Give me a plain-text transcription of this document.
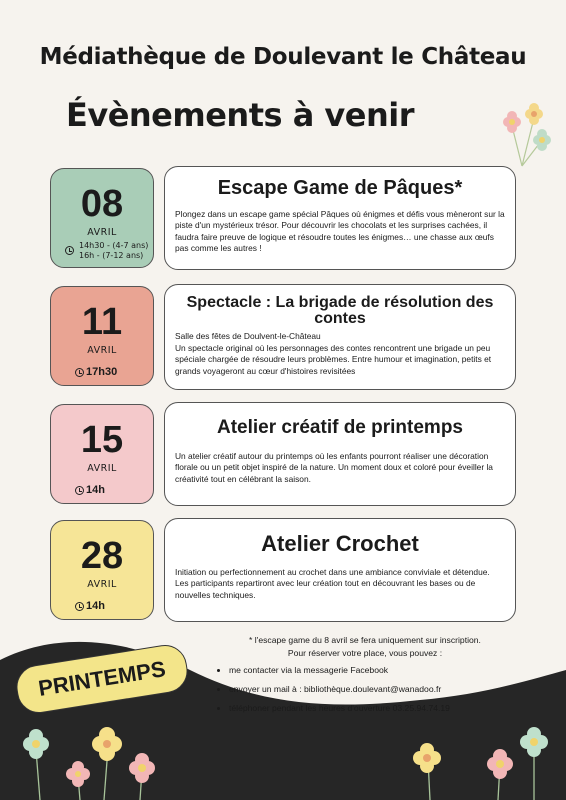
Médiathèque de Doulevant le Château
Évènements à venir
08
AVRIL
14h30 - (4-7 ans)
16h - (7-12 ans)
Escape Game de Pâques*
Plongez dans un escape game spécial Pâques où énigmes et défis vous mèneront sur la piste d'un mystérieux trésor. Pour découvrir les chocolats et les surprises cachées, il faudra faire preuve de logique et résoudre toutes les énigmes… une chasse aux œufs pas comme les autres !
11
AVRIL
17h30
Spectacle : La brigade de résolution des contes
Salle des fêtes de Doulvent-le-Château
Un spectacle original où les personnages des contes rencontrent une brigade un peu spéciale chargée de résoudre leurs problèmes. Entre humour et imagination, petits et grands voyageront au cœur d'histoires revisitées
15
AVRIL
14h
Atelier créatif de printemps
Un atelier créatif autour du printemps où les enfants pourront réaliser une décoration florale ou un petit objet inspiré de la nature. Un moment doux et coloré pour éveiller la créativité tout en célébrant la saison.
28
AVRIL
14h
Atelier Crochet
Initiation ou perfectionnement au crochet dans une ambiance conviviale et détendue. Les participants repartiront avec leur création tout en découvrant les bases ou de nouvelles techniques.
* l'escape game du 8 avril se fera uniquement sur inscription.
Pour réserver votre place, vous pouvez :
• me contacter via la messagerie Facebook
• envoyer un mail à : bibliothèque.doulevant@wanadoo.fr
• téléphoner pendant les heures d'ouverture 03.25.94.74.19
PRINTEMPS
